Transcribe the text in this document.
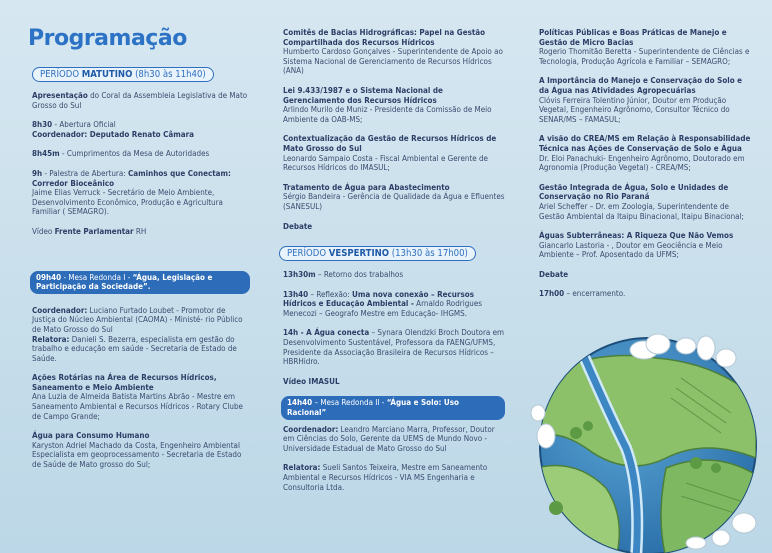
Programação
PERÍODO MATUTINO (8h30 às 11h40)
Apresentação do Coral da Assembleia Legislativa de Mato Grosso do Sul
8h30 - Abertura Oficial
Coordenador: Deputado Renato Câmara
8h45m - Cumprimentos da Mesa de Autoridades
9h - Palestra de Abertura: Caminhos que Conectam: Corredor Bioceânico
Jaime Elias Verruck - Secretário de Meio Ambiente, Desenvolvimento Econômico, Produção e Agricultura Familiar ( SEMAGRO).
Vídeo Frente Parlamentar RH
09h40 - Mesa Redonda I - “Água, Legislação e Participação da Sociedade”.
Coordenador: Luciano Furtado Loubet - Promotor de Justiça do Núcleo Ambiental (CAOMA) - Ministé- rio Público de Mato Grosso do Sul
Relatora: Danieli S. Bezerra, especialista em gestão do trabalho e educação em saúde - Secretaria de Estado de Saúde.
Ações Rotárias na Área de Recursos Hídricos, Saneamento e Meio Ambiente
Ana Luzia de Almeida Batista Martins Abrão - Mestre em Saneamento Ambiental e Recursos Hídricos - Rotary Clube de Campo Grande;
Água para Consumo Humano
Karyston Adriel Machado da Costa, Engenheiro Ambiental Especialista em geoprocessamento - Secretaria de Estado de Saúde de Mato grosso do Sul;
Comitês de Bacias Hidrográficas: Papel na Gestão Compartilhada dos Recursos Hídricos
Humberto Cardoso Gonçalves - Superintendente de Apoio ao Sistema Nacional de Gerenciamento de Recursos Hídricos (ANA)
Lei 9.433/1987 e o Sistema Nacional de Gerenciamento dos Recursos Hídricos
Arlindo Murilo de Muniz - Presidente da Comissão de Meio Ambiente da OAB-MS;
Contextualização da Gestão de Recursos Hídricos de Mato Grosso do Sul
Leonardo Sampaio Costa - Fiscal Ambiental e Gerente de Recursos Hídricos do IMASUL;
Tratamento de Água para Abastecimento
Sérgio Bandeira - Gerência de Qualidade da Água e Efluentes (SANESUL)
Debate
PERÍODO VESPERTINO (13h30 às 17h00)
13h30m – Retorno dos trabalhos
13h40 – Reflexão: Uma nova conexão – Recursos Hídricos e Educação Ambiental - Arnaldo Rodrigues Menecozi – Geografo Mestre em Educação- IHGMS.
14h - A Água conecta – Synara Olendzki Broch Doutora em Desenvolvimento Sustentável, Professora da FAENG/UFMS, Presidente da Associação Brasileira de Recursos Hídricos – HBRHidro.
Vídeo IMASUL
14h40 – Mesa Redonda II - “Água e Solo: Uso Racional”
Coordenador: Leandro Marciano Marra, Professor, Doutor em Ciências do Solo, Gerente da UEMS de Mundo Novo - Universidade Estadual de Mato Grosso do Sul
Relatora: Sueli Santos Teixeira, Mestre em Saneamento Ambiental e Recursos Hídricos - VIA MS Engenharia e Consultoria Ltda.
Políticas Públicas e Boas Práticas de Manejo e Gestão de Micro Bacias
Rogerio Thomitão Beretta - Superintendente de Ciências e Tecnologia, Produção Agrícola e Familiar – SEMAGRO;
A Importância do Manejo e Conservação do Solo e da Água nas Atividades Agropecuárias
Clóvis Ferreira Tolentino Júnior, Doutor em Produção Vegetal, Engenheiro Agrônomo, Consultor Técnico do SENAR/MS – FAMASUL;
A visão do CREA/MS em Relação à Responsabilidade Técnica nas Ações de Conservação de Solo e Água
Dr. Eloi Panachuki- Engenheiro Agrônomo, Doutorado em Agronomia (Produção Vegetal) - CREA/MS;
Gestão Integrada de Água, Solo e Unidades de Conservação no Rio Paraná
Ariel Scheffer – Dr. em Zoologia, Superintendente de Gestão Ambiental da Itaipu Binacional, Itaipu Binacional;
Águas Subterrâneas: A Riqueza Que Não Vemos
Giancarlo Lastoria - , Doutor em Geociência e Meio Ambiente – Prof. Aposentado da UFMS;
Debate
17h00 – encerramento.
